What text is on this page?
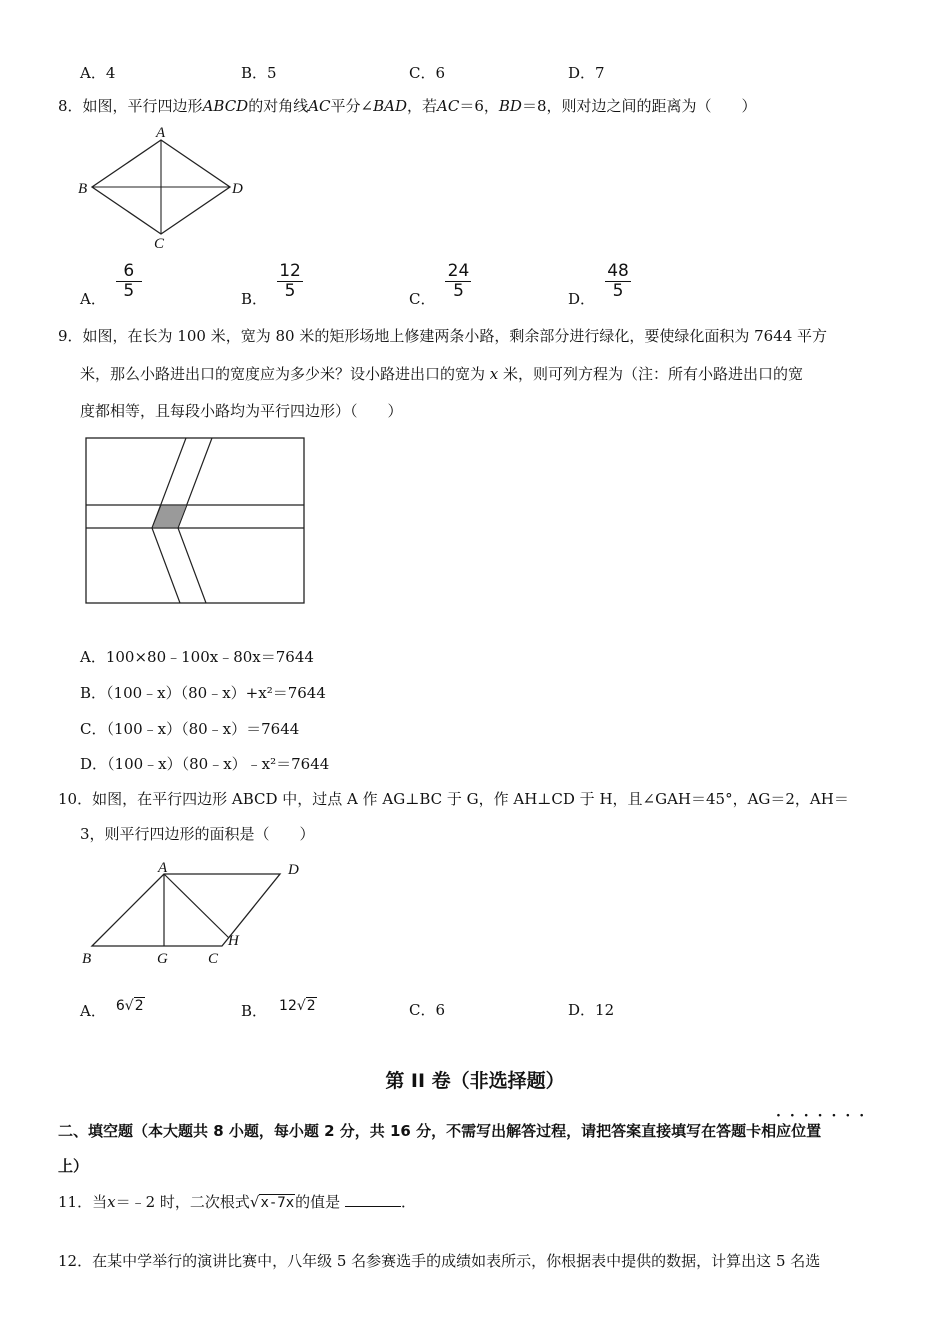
A．4	B．5	C．6	D．7
8．如图，平行四边形ABCD的对角线AC平分∠BAD，若AC＝6，BD＝8，则对边之间的距离为（　　）
A
B
C
D
A． $\frac{6}{5}$	B． $\frac{12}{5}$	C． $\frac{24}{5}$	D． $\frac{48}{5}$
9．如图，在长为 100 米，宽为 80 米的矩形场地上修建两条小路，剩余部分进行绿化，要使绿化面积为 7644 平方
米，那么小路进出口的宽度应为多少米？设小路进出口的宽为 x 米，则可列方程为（注：所有小路进出口的宽
度都相等，且每段小路均为平行四边形）（　　）
A．100×80﹣100x﹣80x＝7644
B．（100﹣x）（80﹣x）+x²＝7644
C．（100﹣x）（80﹣x）＝7644
D．（100﹣x）（80﹣x）﹣x²＝7644
10．如图，在平行四边形 ABCD 中，过点 A 作 AG⊥BC 于 G，作 AH⊥CD 于 H，且∠GAH＝45°，AG＝2，AH＝
3，则平行四边形的面积是（　　）
A
B	G	C
H
D
A． 6√2	B． 12√2	C．6	D．12
第 II 卷（非选择题）
二、填空题（本大题共 8 小题，每小题 2 分，共 16 分，不需写出解答过程，请把答案直接填写在答题卡相应位置
·······
上）
11．当x＝﹣2 时，二次根式√x-7x的值是	．
12．在某中学举行的演讲比赛中，八年级 5 名参赛选手的成绩如表所示，你根据表中提供的数据，计算出这 5 名选
